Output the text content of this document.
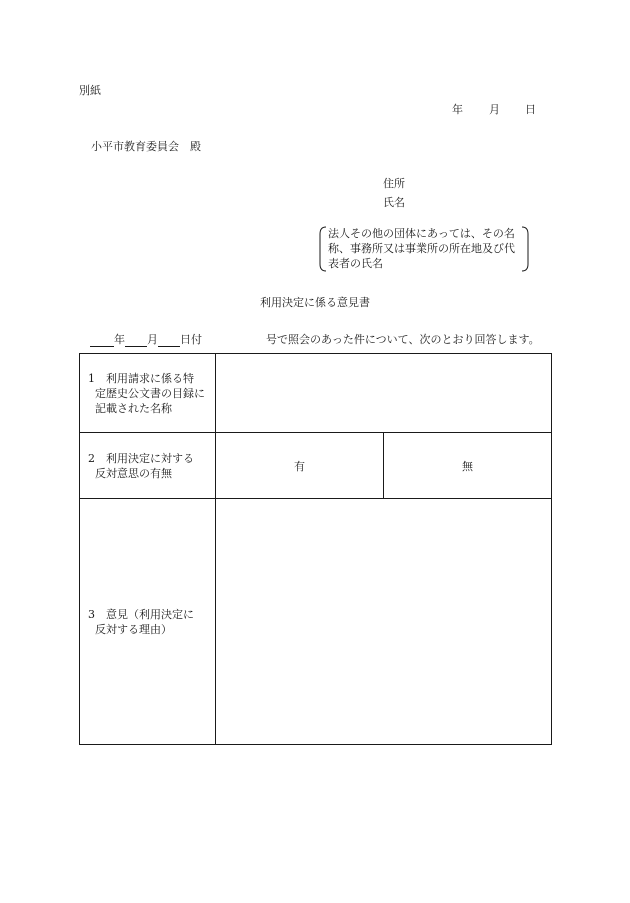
別紙
年 月 日
小平市教育委員会　殿
住所
氏名
法人その他の団体にあっては、その名称、事務所又は事業所の所在地及び代表者の氏名
利用決定に係る意見書
年 月 日付	号で照会のあった件について、次のとおり回答します。
1　 利用請求に係る特
定歴史公文書の目録に記載された名称		

2　 利用決定に対する
反対意思の有無	有	無

3　 意見（利用決定に
反対する理由）		
